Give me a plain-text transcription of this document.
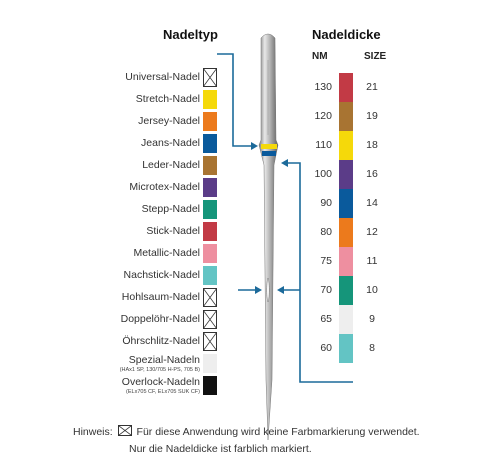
Nadeltyp	Nadeldicke
NM	SIZE
Universal-Nadel
Stretch-Nadel
Jersey-Nadel
Jeans-Nadel
Leder-Nadel
Microtex-Nadel
Stepp-Nadel
Stick-Nadel
Metallic-Nadel
Nachstick-Nadel
Hohlsaum-Nadel
Doppelöhr-Nadel
Öhrschlitz-Nadel
Spezial-Nadeln
(HAx1 SP, 130/705 H-PS, 705 B)
Overlock-Nadeln
(ELx705 CF, ELx705 SUK CF)
130	21
120	19
110	18
100	16
90	14
80	12
75	11
70	10
65	9
60	8
Hinweis: Für diese Anwendung wird keine Farbmarkierung verwendet.
Nur die Nadeldicke ist farblich markiert.
